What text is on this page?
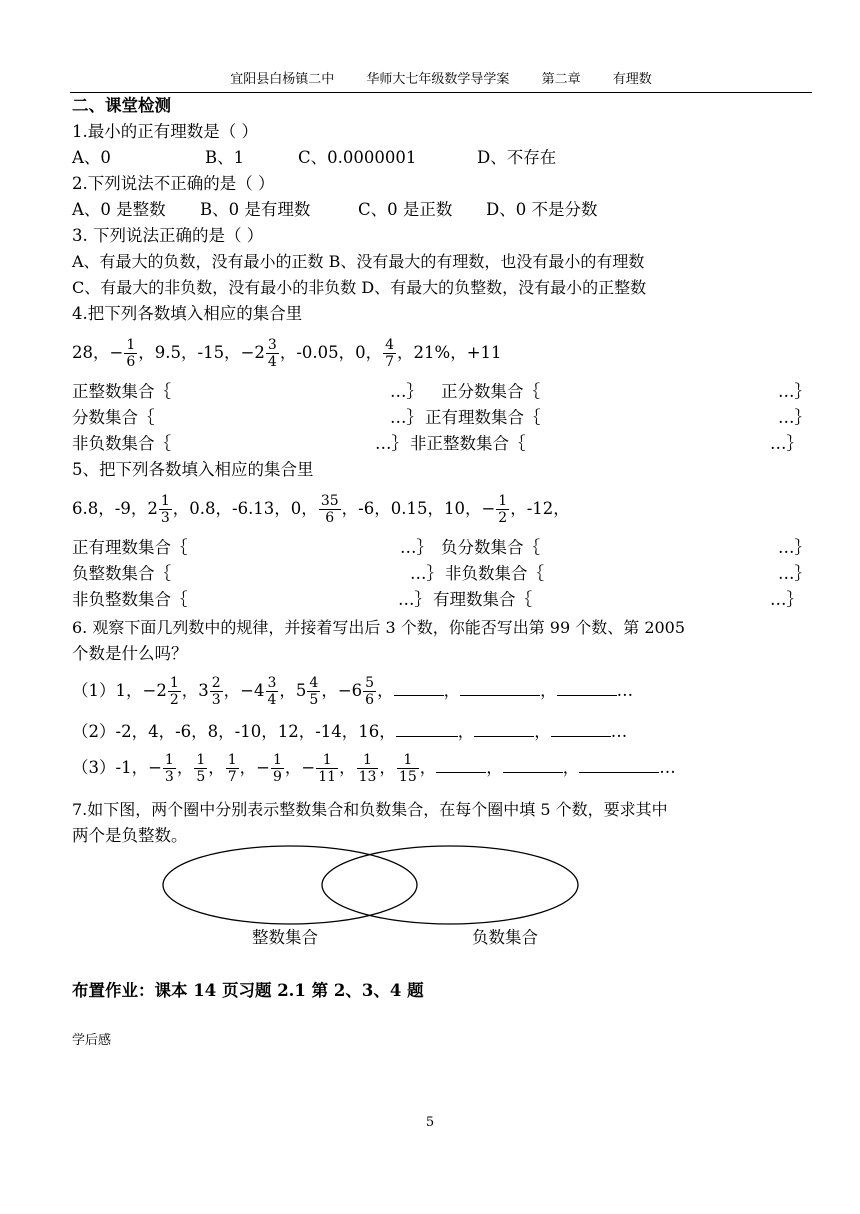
宜阳县白杨镇二中 华师大七年级数学导学案 第二章 有理数
二、课堂检测
1.最小的正有理数是（ ）
A、0	B、1	C、0.0000001	D、不存在
2.下列说法不正确的是（ ）
A、0 是整数 B、0 是有理数	C、0 是正数 D、0 不是分数
3. 下列说法正确的是（ ）
A、有最大的负数，没有最小的正数 B、没有最大的有理数，也没有最小的有理数
C、有最大的非负数，没有最小的非负数 D、有最大的负整数，没有最小的正整数
4.把下列各数填入相应的集合里
28，− $\frac{1}{6}$ ，9.5，-15，$-2 \frac{3}{4}$ ，-0.05，0， $\frac{4}{7}$ ，21%，+11
正整数集合｛	…｝ 正分数集合｛	…｝
分数集合｛	…｝ 正有理数集合｛	…｝
非负数集合｛	…｝ 非正整数集合｛	…｝
5、把下列各数填入相应的集合里
6.8，-9，$2 \frac{1}{3}$ ，0.8，-6.13，0， $\frac{35}{6}$ ，-6，0.15，10，− $\frac{1}{2}$ ，-12，
正有理数集合｛	…｝ 负分数集合｛	…｝
负整数集合｛	…｝ 非负数集合｛	…｝
非负整数集合｛	…｝ 有理数集合｛	…｝
6. 观察下面几列数中的规律，并接着写出后 3 个数，你能否写出第 99 个数、第 2005
个数是什么吗？
（1）1，$-2 \frac{1}{2}$ ，$3 \frac{2}{3}$ ，$-4 \frac{3}{4}$ ，$5 \frac{4}{5}$ ，$-6 \frac{5}{6}$ ，	，	，	…
（2）-2，4，-6，8，-10，12，-14，16，	，	，	…
（3）-1，− $\frac{1}{3}$ ， $\frac{1}{5}$ ， $\frac{1}{7}$ ，− $\frac{1}{9}$ ，− $\frac{1}{11}$ ， $\frac{1}{13}$ ， $\frac{1}{15}$ ，	，	，	…
7.如下图，两个圈中分别表示整数集合和负数集合，在每个圈中填 5 个数，要求其中
两个是负整数。
整数集合	负数集合
布置作业：课本 14 页习题 2.1 第 2、3、4 题
学后感
5
